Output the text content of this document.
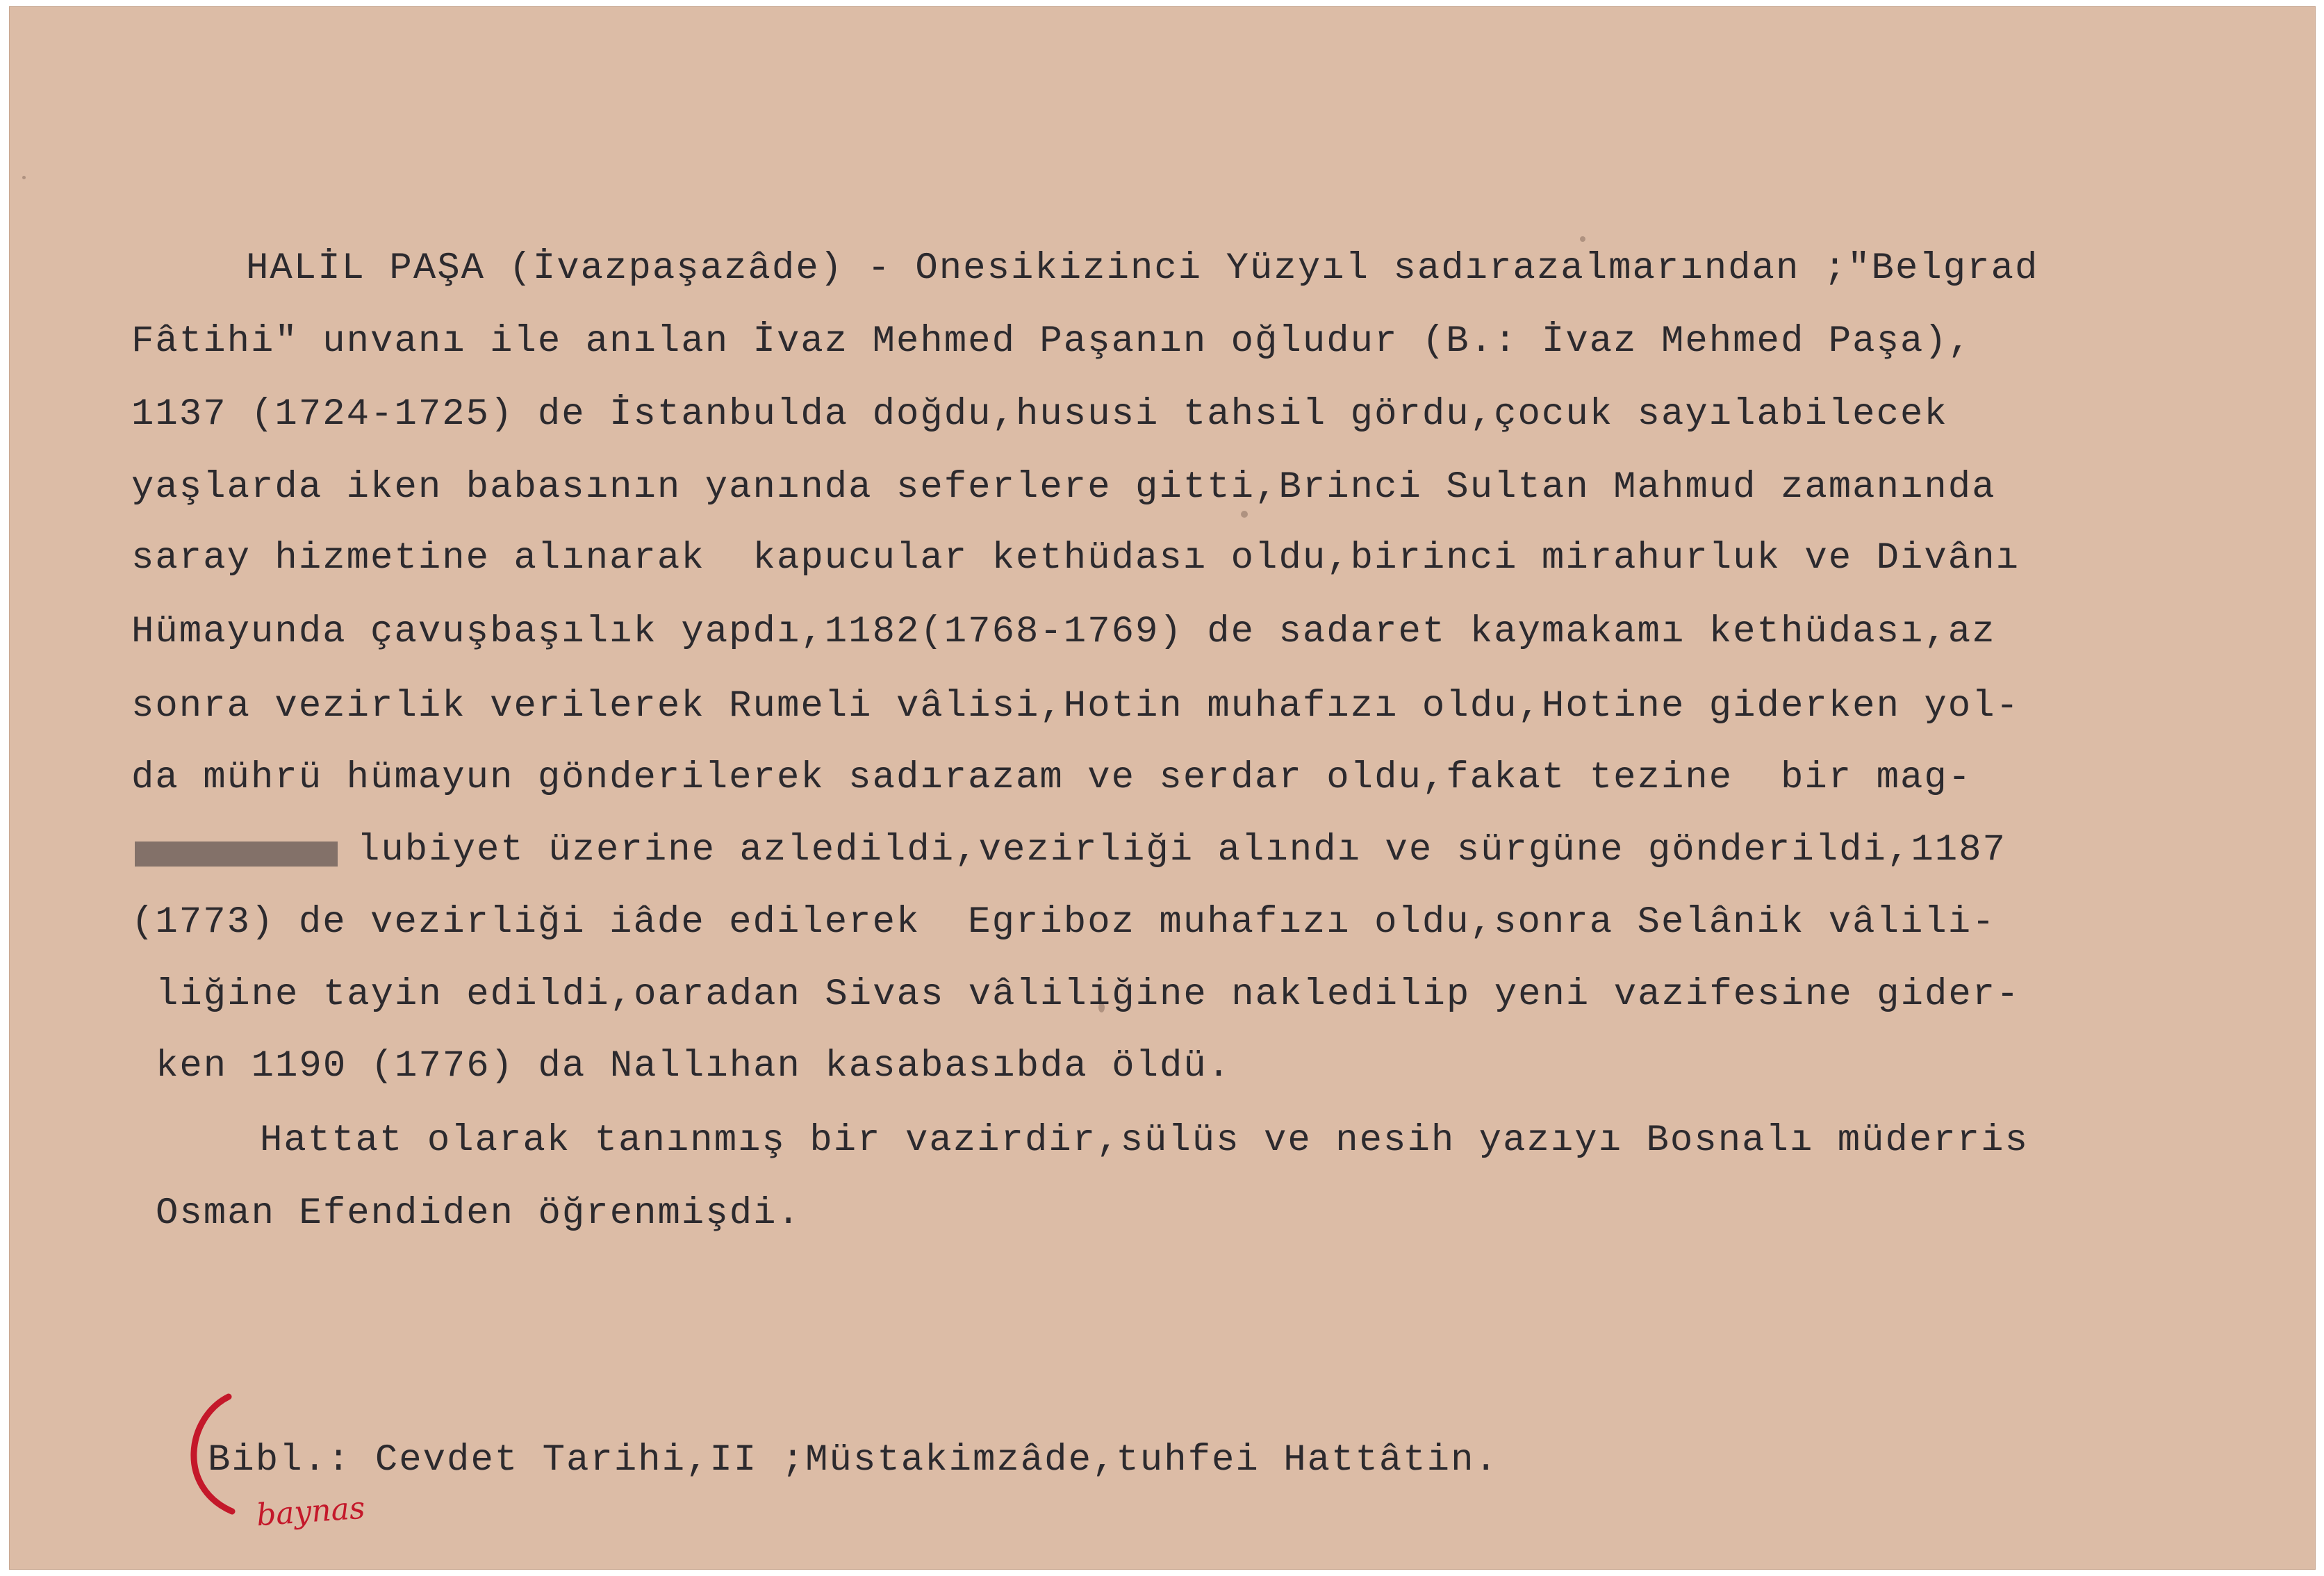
HALİL PAŞA (İvazpaşazâde) - Onesikizinci Yüzyıl sadırazalmarından ;"Belgrad
Fâtihi" unvanı ile anılan İvaz Mehmed Paşanın oğludur (B.: İvaz Mehmed Paşa),
1137 (1724-1725) de İstanbulda doğdu,hususi tahsil gördu,çocuk sayılabilecek
yaşlarda iken babasının yanında seferlere gitti,Brinci Sultan Mahmud zamanında
saray hizmetine alınarak  kapucular kethüdası oldu,birinci mirahurluk ve Divânı
Hümayunda çavuşbaşılık yapdı,1182(1768-1769) de sadaret kaymakamı kethüdası,az
sonra vezirlik verilerek Rumeli vâlisi,Hotin muhafızı oldu,Hotine giderken yol-
da mührü hümayun gönderilerek sadırazam ve serdar oldu,fakat tezine  bir mag-
lubiyet üzerine azledildi,vezirliği alındı ve sürgüne gönderildi,1187
(1773) de vezirliği iâde edilerek  Egriboz muhafızı oldu,sonra Selânik vâlili-
liğine tayin edildi,oaradan Sivas vâliliğine nakledilip yeni vazifesine gider-
ken 1190 (1776) da Nallıhan kasabasıbda öldü.
Hattat olarak tanınmış bir vazirdir,sülüs ve nesih yazıyı Bosnalı müderris
Osman Efendiden öğrenmişdi.
Bibl.: Cevdet Tarihi,II ;Müstakimzâde,tuhfei Hattâtin.
baynas
